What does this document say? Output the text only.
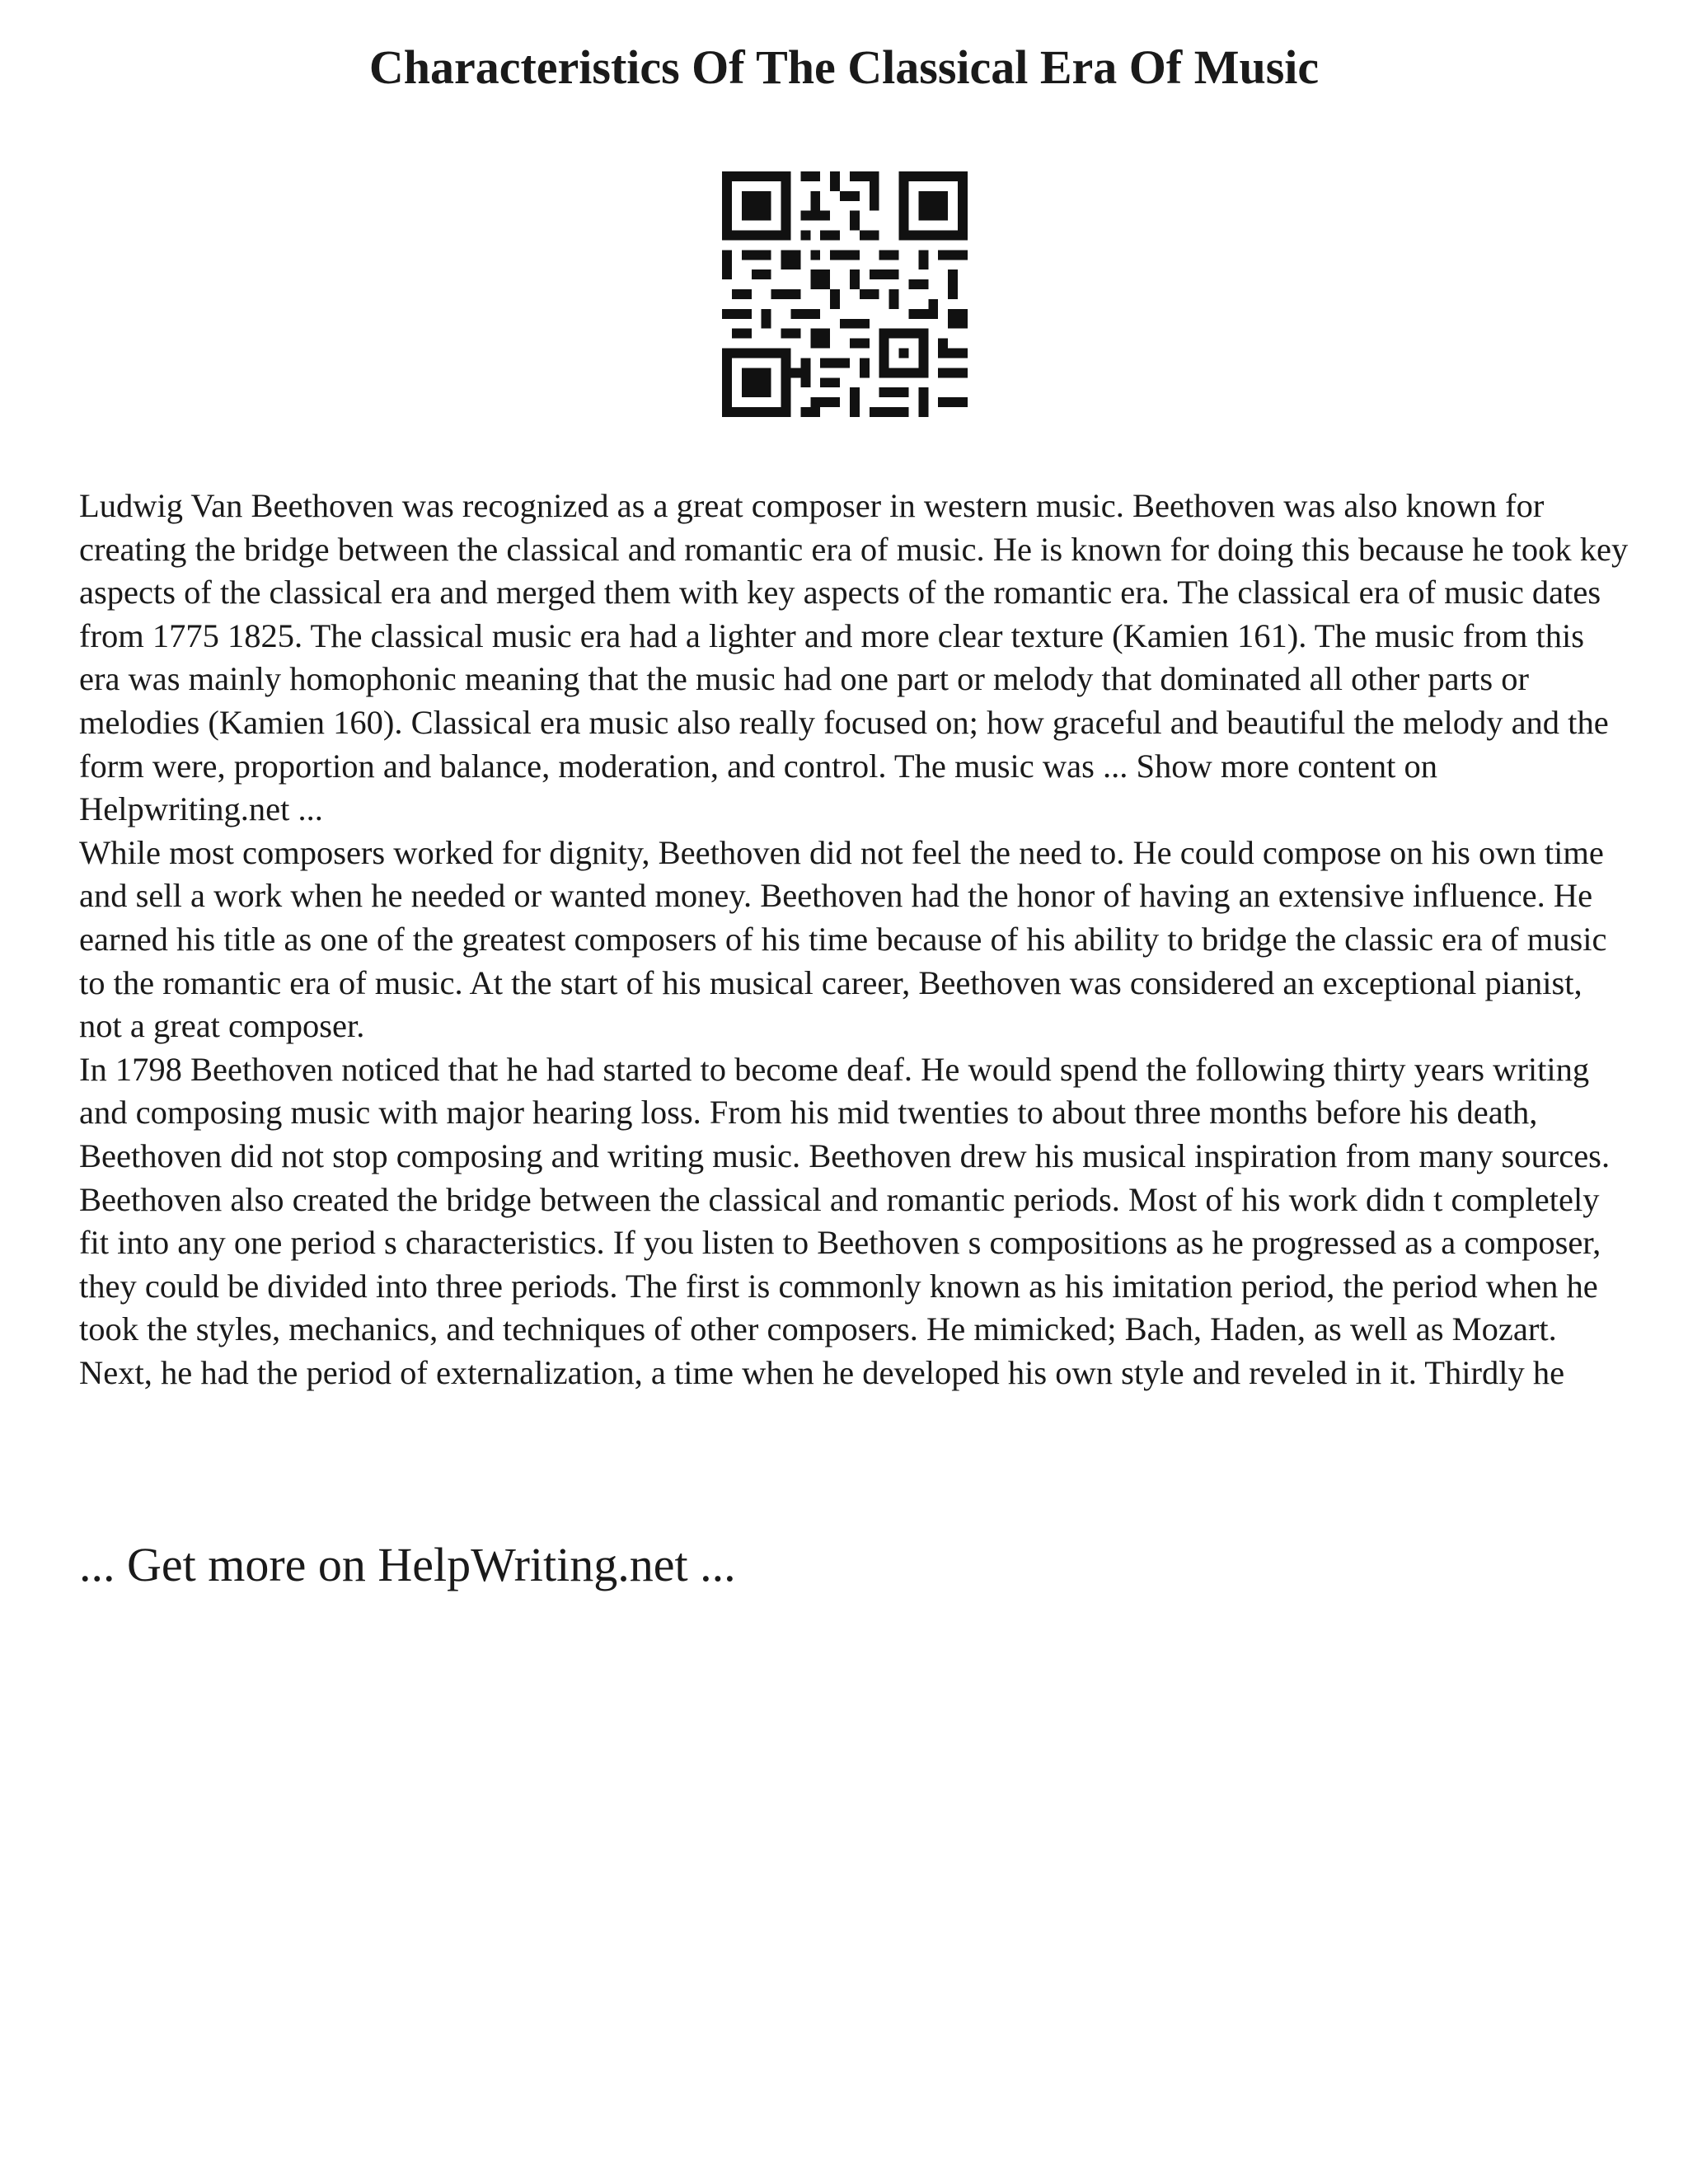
Characteristics Of The Classical Era Of Music

Ludwig Van Beethoven was recognized as a great composer in western music. Beethoven was also known for creating the bridge between the classical and romantic era of music. He is known for doing this because he took key aspects of the classical era and merged them with key aspects of the romantic era. The classical era of music dates from 1775 1825. The classical music era had a lighter and more clear texture (Kamien 161). The music from this era was mainly homophonic meaning that the music had one part or melody that dominated all other parts or melodies (Kamien 160). Classical era music also really focused on; how graceful and beautiful the melody and the form were, proportion and balance, moderation, and control. The music was ... Show more content on Helpwriting.net ...

While most composers worked for dignity, Beethoven did not feel the need to. He could compose on his own time and sell a work when he needed or wanted money. Beethoven had the honor of having an extensive influence. He earned his title as one of the greatest composers of his time because of his ability to bridge the classic era of music to the romantic era of music. At the start of his musical career, Beethoven was considered an exceptional pianist, not a great composer.

In 1798 Beethoven noticed that he had started to become deaf. He would spend the following thirty years writing and composing music with major hearing loss. From his mid twenties to about three months before his death, Beethoven did not stop composing and writing music. Beethoven drew his musical inspiration from many sources. Beethoven also created the bridge between the classical and romantic periods. Most of his work didn t completely fit into any one period s characteristics. If you listen to Beethoven s compositions as he progressed as a composer, they could be divided into three periods. The first is commonly known as his imitation period, the period when he took the styles, mechanics, and techniques of other composers. He mimicked; Bach, Haden, as well as Mozart. Next, he had the period of externalization, a time when he developed his own style and reveled in it. Thirdly he

... Get more on HelpWriting.net ...
